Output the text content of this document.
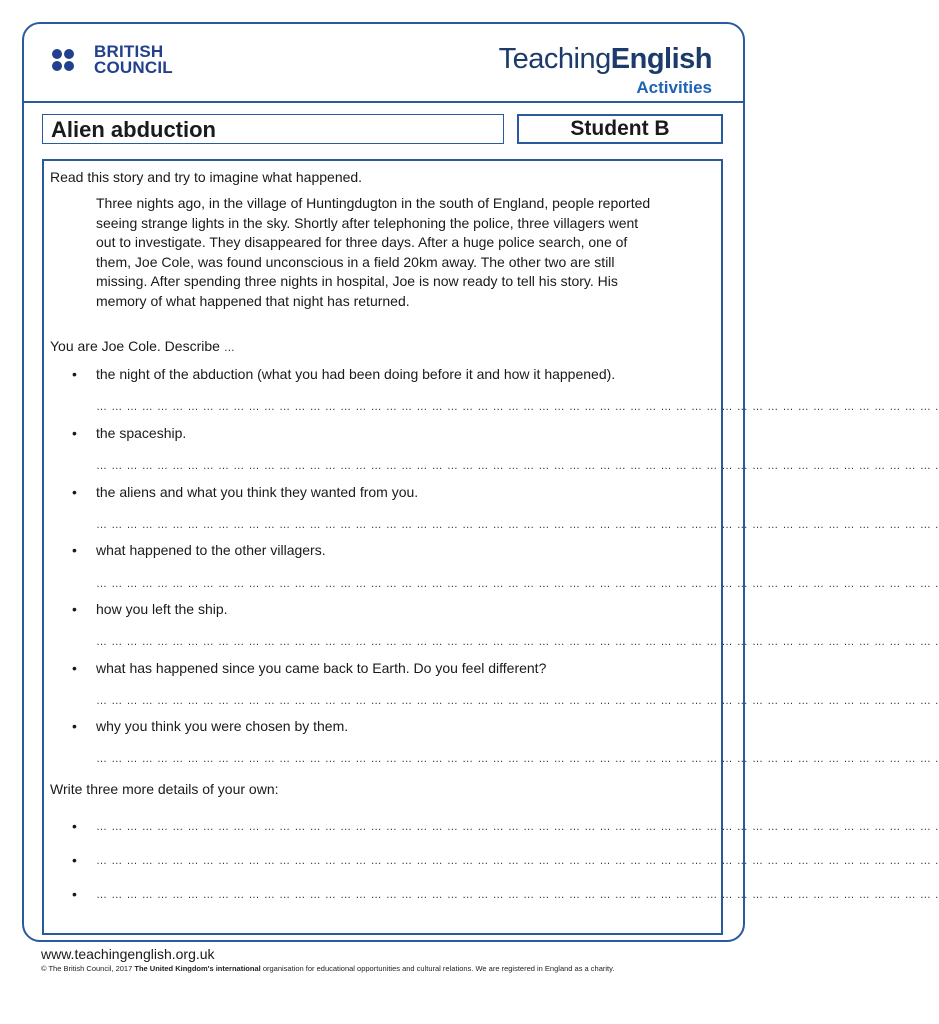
BRITISH
COUNCIL	TeachingEnglish
Activities
Alien abduction	Student B
Read this story and try to imagine what happened.
Three nights ago, in the village of Huntingdugton in the south of England, people reported
seeing strange lights in the sky. Shortly after telephoning the police, three villagers went
out to investigate. They disappeared for three days. After a huge police search, one of
them, Joe Cole, was found unconscious in a field 20km away. The other two are still
missing. After spending three nights in hospital, Joe is now ready to tell his story. His
memory of what happened that night has returned.
You are Joe Cole. Describe …
• the night of the abduction (what you had been doing before it and how it happened).
… … … … … … … … … … … … … … … … … … … … … … … … … … … … … … … … … … … … … … … … … … … … … … … … … … … … … … … .
• the spaceship.
… … … … … … … … … … … … … … … … … … … … … … … … … … … … … … … … … … … … … … … … … … … … … … … … … … … … … … … .
• the aliens and what you think they wanted from you.
… … … … … … … … … … … … … … … … … … … … … … … … … … … … … … … … … … … … … … … … … … … … … … … … … … … … … … … .
• what happened to the other villagers.
… … … … … … … … … … … … … … … … … … … … … … … … … … … … … … … … … … … … … … … … … … … … … … … … … … … … … … … .
• how you left the ship.
… … … … … … … … … … … … … … … … … … … … … … … … … … … … … … … … … … … … … … … … … … … … … … … … … … … … … … … .
• what has happened since you came back to Earth. Do you feel different?
… … … … … … … … … … … … … … … … … … … … … … … … … … … … … … … … … … … … … … … … … … … … … … … … … … … … … … … .
• why you think you were chosen by them.
… … … … … … … … … … … … … … … … … … … … … … … … … … … … … … … … … … … … … … … … … … … … … … … … … … … … … … … .
Write three more details of your own:
• … … … … … … … … … … … … … … … … … … … … … … … … … … … … … … … … … … … … … … … … … … … … … … … … … … … … … … … .
• … … … … … … … … … … … … … … … … … … … … … … … … … … … … … … … … … … … … … … … … … … … … … … … … … … … … … … … .
• … … … … … … … … … … … … … … … … … … … … … … … … … … … … … … … … … … … … … … … … … … … … … … … … … … … … … … … .
www.teachingenglish.org.uk
© The British Council, 2017 The United Kingdom's international organisation for educational opportunities and cultural relations. We are registered in England as a charity.
